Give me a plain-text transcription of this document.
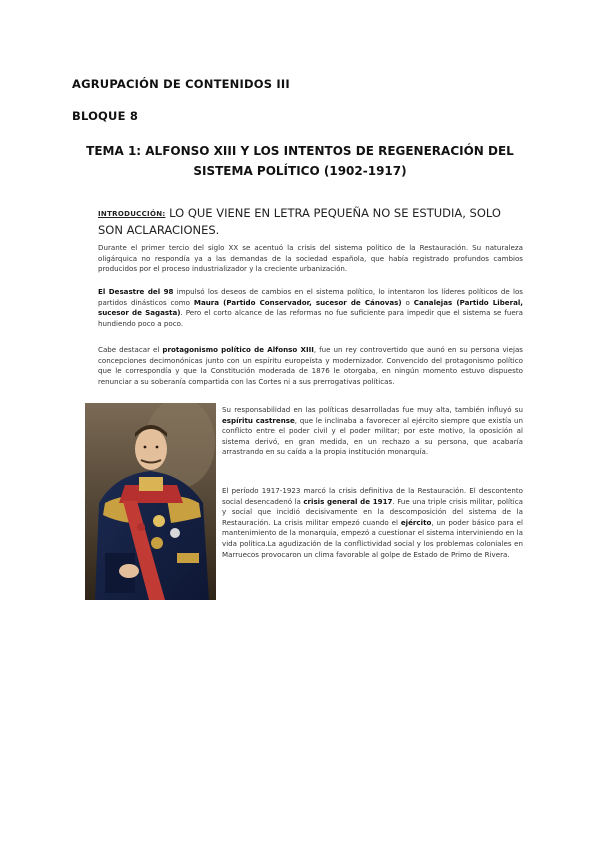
AGRUPACIÓN DE CONTENIDOS III
BLOQUE 8
TEMA 1: ALFONSO XIII Y LOS INTENTOS DE REGENERACIÓN DEL
SISTEMA POLÍTICO (1902-1917)
INTRODUCCIÓN: LO QUE VIENE EN LETRA PEQUEÑA NO SE ESTUDIA, SOLO SON ACLARACIONES.
Durante el primer tercio del siglo XX se acentuó la crisis del sistema político de la Restauración. Su naturaleza oligárquica no respondía ya a las demandas de la sociedad española, que había registrado profundos cambios producidos por el proceso industrializador y la creciente urbanización.
El Desastre del 98 impulsó los deseos de cambios en el sistema político, lo intentaron los líderes políticos de los partidos dinásticos como Maura (Partido Conservador, sucesor de Cánovas) o Canalejas (Partido Liberal, sucesor de Sagasta). Pero el corto alcance de las reformas no fue suficiente para impedir que el sistema se fuera hundiendo poco a poco.
Cabe destacar el protagonismo político de Alfonso XIII, fue un rey controvertido que aunó en su persona viejas concepciones decimonónicas junto con un espíritu europeísta y modernizador. Convencido del protagonismo político que le correspondía y que la Constitución moderada de 1876 le otorgaba, en ningún momento estuvo dispuesto renunciar a su soberanía compartida con las Cortes ni a sus prerrogativas políticas.
Su responsabilidad en las políticas desarrolladas fue muy alta, también influyó su espíritu castrense, que le inclinaba a favorecer al ejército siempre que existía un conflicto entre el poder civil y el poder militar; por este motivo, la oposición al sistema derivó, en gran medida, en un rechazo a su persona, que acabaría arrastrando en su caída a la propia institución monarquía.
El período 1917-1923 marcó la crisis definitiva de la Restauración. El descontento social desencadenó la crisis general de 1917. Fue una triple crisis militar, política y social que incidió decisivamente en la descomposición del sistema de la Restauración. La crisis militar empezó cuando el ejército, un poder básico para el mantenimiento de la monarquía, empezó a cuestionar el sistema interviniendo en la vida política.La agudización de la conflictividad social y los problemas coloniales en Marruecos provocaron un clima favorable al golpe de Estado de Primo de Rivera.
